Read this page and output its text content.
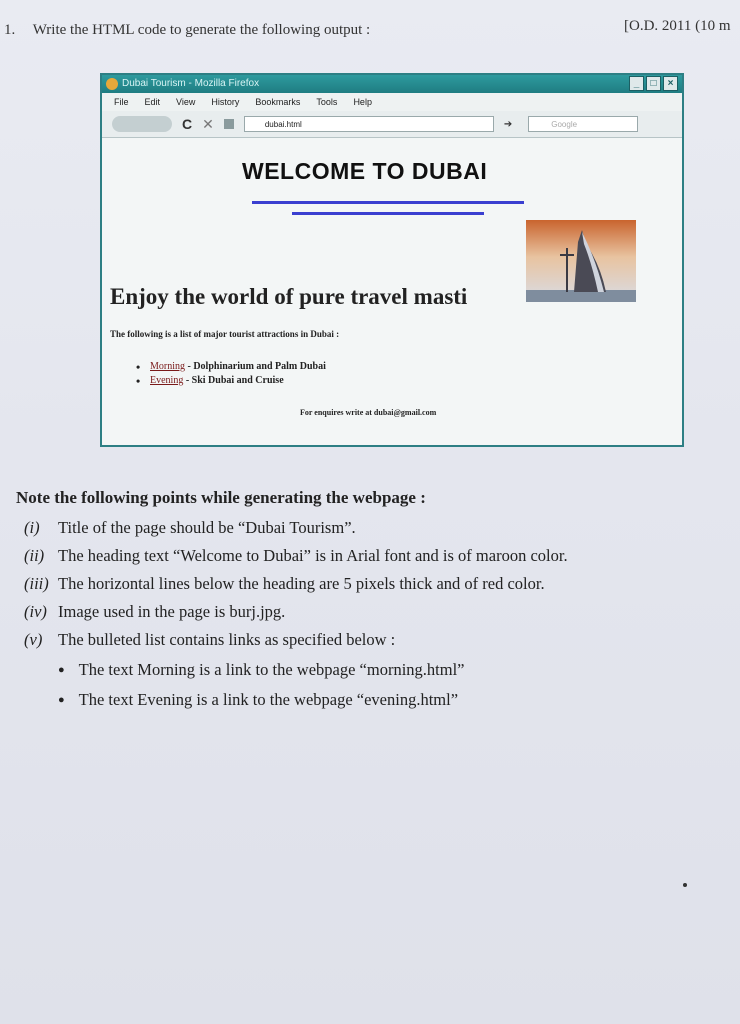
1. Write the HTML code to generate the following output :	[O.D. 2011 (10 m
Dubai Tourism - Mozilla Firefox	_	□	×
File Edit View History Bookmarks Tools Help
C ✕	dubai.html	➔	Google
WELCOME TO DUBAI
Enjoy the world of pure travel masti
The following is a list of major tourist attractions in Dubai :
• Morning - Dolphinarium and Palm Dubai
• Evening - Ski Dubai and Cruise
For enquires write at dubai@gmail.com
Note the following points while generating the webpage :
(i) Title of the page should be “Dubai Tourism”.
(ii) The heading text “Welcome to Dubai” is in Arial font and is of maroon color.
(iii) The horizontal lines below the heading are 5 pixels thick and of red color.
(iv) Image used in the page is burj.jpg.
(v) The bulleted list contains links as specified below :
● The text Morning is a link to the webpage “morning.html”
● The text Evening is a link to the webpage “evening.html”
